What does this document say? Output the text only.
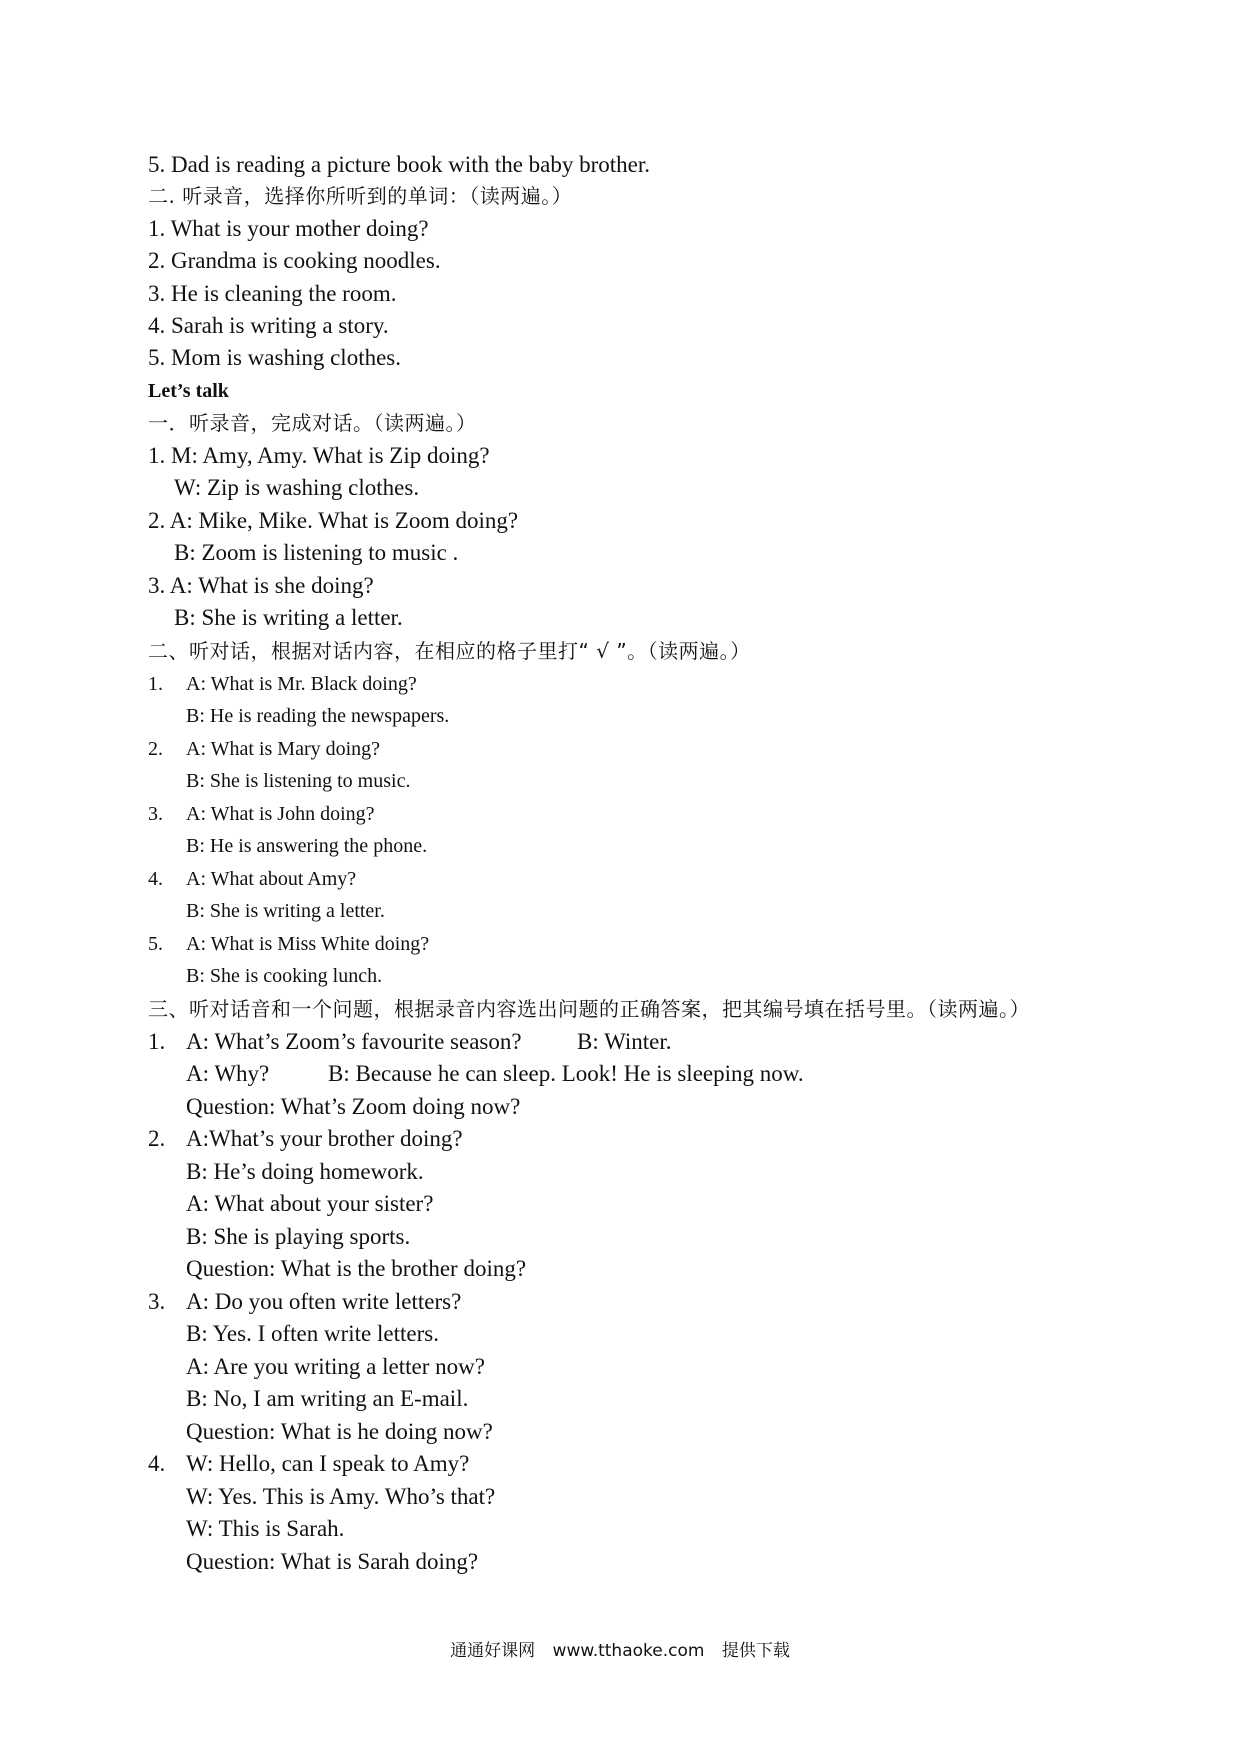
5. Dad is reading a picture book with the baby brother.
二. 听录音，选择你所听到的单词：（读两遍。）
1. What is your mother doing?
2. Grandma is cooking noodles.
3. He is cleaning the room.
4. Sarah is writing a story.
5. Mom is washing clothes.
Let’s talk
一．听录音，完成对话。（读两遍。）
1. M: Amy, Amy. What is Zip doing?
W: Zip is washing clothes.
2. A: Mike, Mike. What is Zoom doing?
B: Zoom is listening to music .
3. A: What is she doing?
B: She is writing a letter.
二、听对话，根据对话内容，在相应的格子里打“ √ ”。（读两遍。）
1. A: What is Mr. Black doing?
B: He is reading the newspapers.
2. A: What is Mary doing?
B: She is listening to music.
3. A: What is John doing?
B: He is answering the phone.
4. A: What about Amy?
B: She is writing a letter.
5. A: What is Miss White doing?
B: She is cooking lunch.
三、听对话音和一个问题，根据录音内容选出问题的正确答案，把其编号填在括号里。（读两遍。）
1. A: What’s Zoom’s favourite season? B: Winter.
A: Why?	B: Because he can sleep. Look! He is sleeping now.
Question: What’s Zoom doing now?
2. A:What’s your brother doing?
B: He’s doing homework.
A: What about your sister?
B: She is playing sports.
Question: What is the brother doing?
3. A: Do you often write letters?
B: Yes. I often write letters.
A: Are you writing a letter now?
B: No, I am writing an E-mail.
Question: What is he doing now?
4. W: Hello, can I speak to Amy?
W: Yes. This is Amy. Who’s that?
W: This is Sarah.
Question: What is Sarah doing?
通通好课网 www.tthaoke.com 提供下载
